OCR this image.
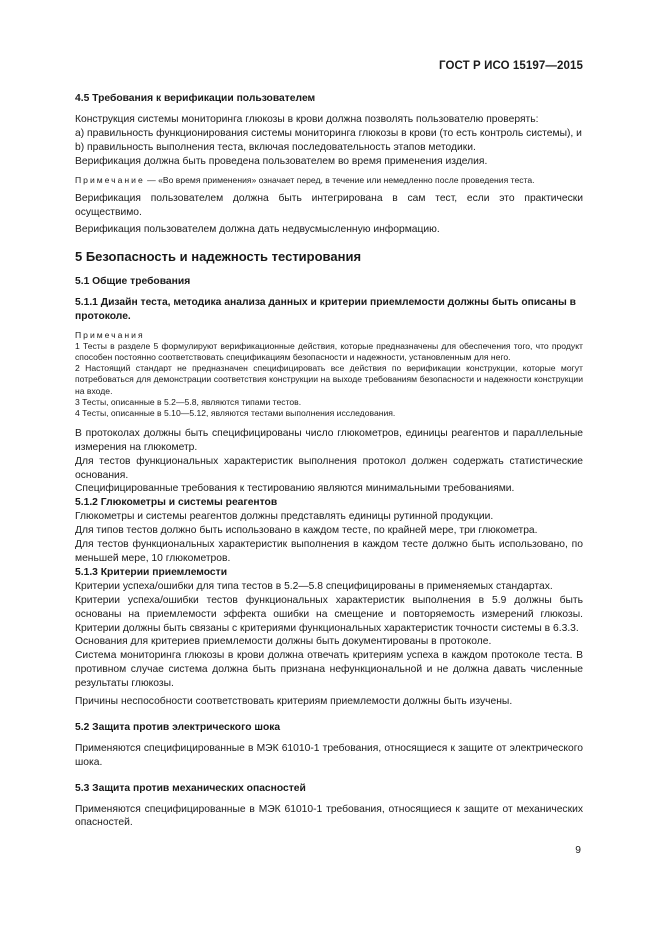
ГОСТ Р ИСО 15197—2015
4.5 Требования к верификации пользователем

Конструкция системы мониторинга глюкозы в крови должна позволять пользователю проверять:

а) правильность функционирования системы мониторинга глюкозы в крови (то есть контроль системы), и

b) правильность выполнения теста, включая последовательность этапов методики.

Верификация должна быть проведена пользователем во время применения изделия.

Примечание — «Во время применения» означает перед, в течение или немедленно после проведения теста.

Верификация пользователем должна быть интегрирована в сам тест, если это практически осуществимо.

Верификация пользователем должна дать недвусмысленную информацию.

5 Безопасность и надежность тестирования
5.1 Общие требования
5.1.1 Дизайн теста, методика анализа данных и критерии приемлемости должны быть описаны в протоколе.

Примечания

1 Тесты в разделе 5 формулируют верификационные действия, которые предназначены для обеспечения того, что продукт способен постоянно соответствовать спецификациям безопасности и надежности, установленным для него.

2 Настоящий стандарт не предназначен специфицировать все действия по верификации конструкции, которые могут потребоваться для демонстрации соответствия конструкции на выходе требованиям безопасности и надежности конструкции на входе.

3 Тесты, описанные в 5.2—5.8, являются типами тестов.

4 Тесты, описанные в 5.10—5.12, являются тестами выполнения исследования.

В протоколах должны быть специфицированы число глюкометров, единицы реагентов и параллельные измерения на глюкометр.

Для тестов функциональных характеристик выполнения протокол должен содержать статистические основания.

Специфицированные требования к тестированию являются минимальными требованиями.

5.1.2 Глюкометры и системы реагентов

Глюкометры и системы реагентов должны представлять единицы рутинной продукции.

Для типов тестов должно быть использовано в каждом тесте, по крайней мере, три глюкометра.

Для тестов функциональных характеристик выполнения в каждом тесте должно быть использовано, по меньшей мере, 10 глюкометров.

5.1.3 Критерии приемлемости

Критерии успеха/ошибки для типа тестов в 5.2—5.8 специфицированы в применяемых стандартах.

Критерии успеха/ошибки тестов функциональных характеристик выполнения в 5.9 должны быть основаны на приемлемости эффекта ошибки на смещение и повторяемость измерений глюкозы. Критерии должны быть связаны с критериями функциональных характеристик точности системы в 6.3.3.

Основания для критериев приемлемости должны быть документированы в протоколе.

Система мониторинга глюкозы в крови должна отвечать критериям успеха в каждом протоколе теста. В противном случае система должна быть признана нефункциональной и не должна давать численные результаты глюкозы.

Причины неспособности соответствовать критериям приемлемости должны быть изучены.

5.2 Защита против электрического шока

Применяются специфицированные в МЭК 61010-1 требования, относящиеся к защите от электрического шока.

5.3 Защита против механических опасностей

Применяются специфицированные в МЭК 61010-1 требования, относящиеся к защите от механических опасностей.

9
